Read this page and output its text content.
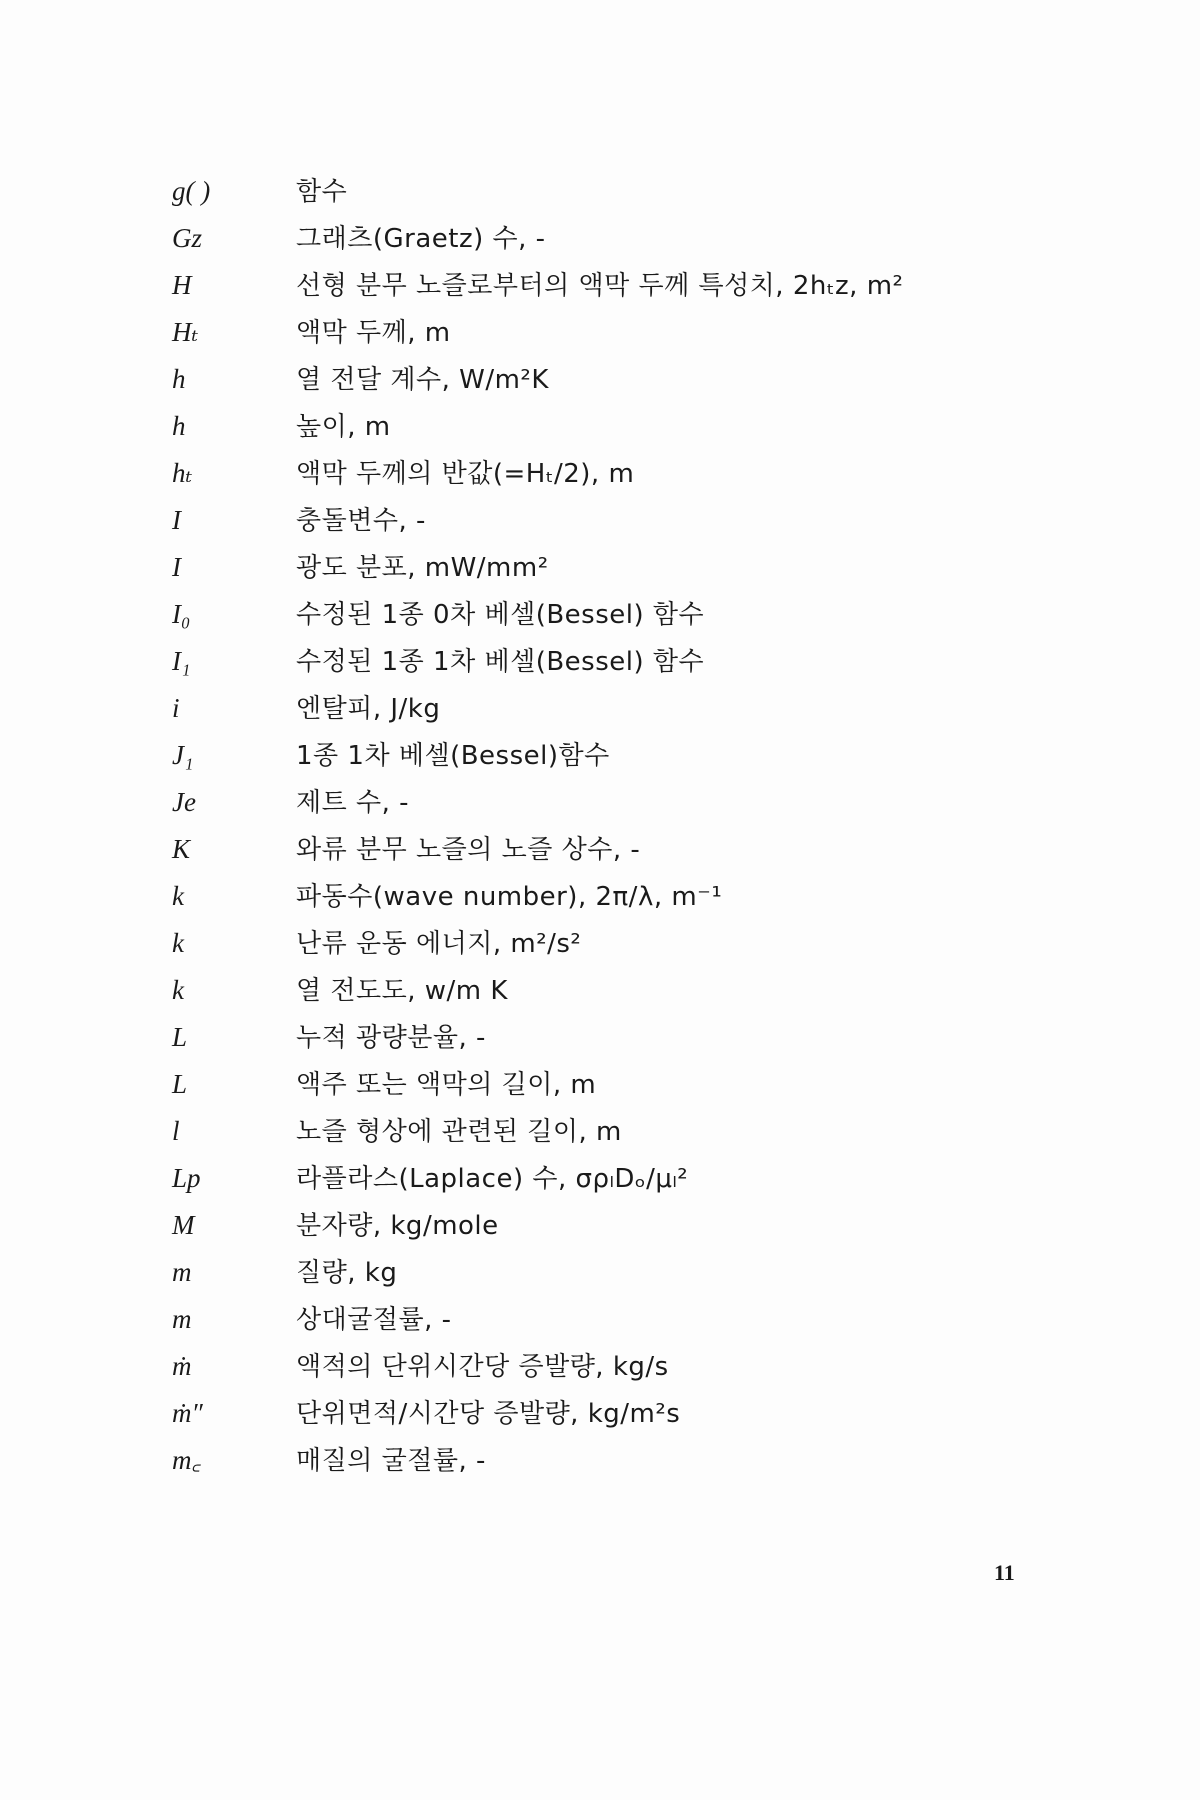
g( )	함수
Gz	그래츠(Graetz) 수, -
H	선형 분무 노즐로부터의 액막 두께 특성치, 2hₜz, m²
Hₜ	액막 두께, m
h	열 전달 계수, W/m²K
h	높이, m
hₜ	액막 두께의 반값(=Hₜ/2), m
I	충돌변수, -
I	광도 분포, mW/mm²
I₀	수정된 1종 0차 베셀(Bessel) 함수
I₁	수정된 1종 1차 베셀(Bessel) 함수
i	엔탈피, J/kg
J₁	1종 1차 베셀(Bessel)함수
Je	제트 수, -
K	와류 분무 노즐의 노즐 상수, -
k	파동수(wave number), 2π/λ, m⁻¹
k	난류 운동 에너지, m²/s²
k	열 전도도, w/m K
L	누적 광량분율, -
L	액주 또는 액막의 길이, m
l	노즐 형상에 관련된 길이, m
Lp	라플라스(Laplace) 수, σρₗDₒ/μₗ²
M	분자량, kg/mole
m	질량, kg
m	상대굴절률, -
ṁ	액적의 단위시간당 증발량, kg/s
ṁ″	단위면적/시간당 증발량, kg/m²s
m꜀	매질의 굴절률, -
11
